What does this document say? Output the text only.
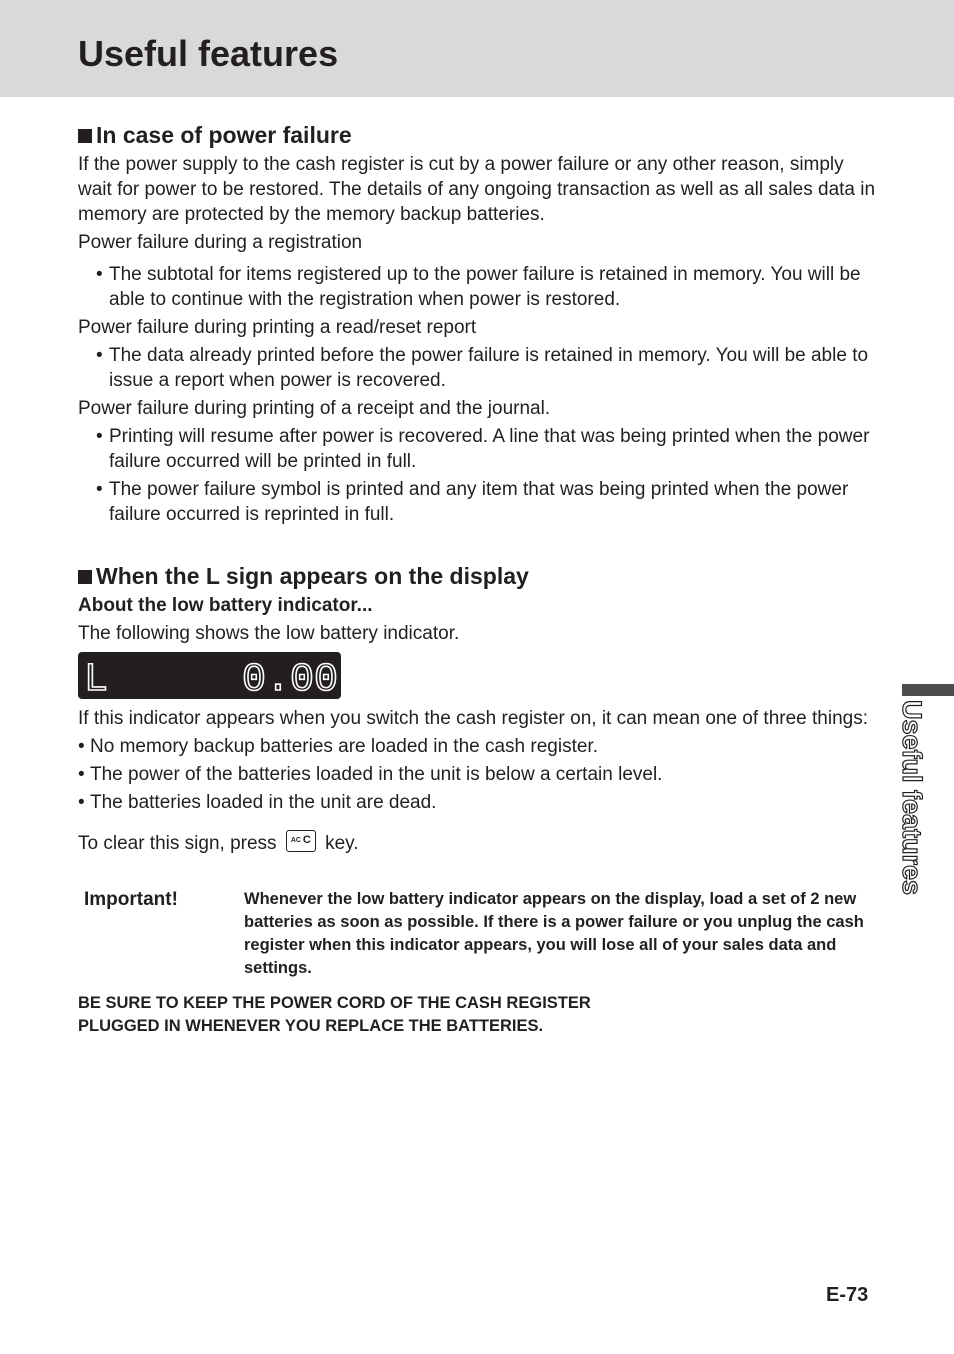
Useful features
In case of power failure

If the power supply to the cash register is cut by a power failure or any other reason, simply wait for power to be restored. The details of any ongoing transaction as well as all sales data in memory are protected by the memory backup batteries.

Power failure during a registration

• The subtotal for items registered up to the power failure is retained in memory. You will be able to continue with the registration when power is restored.

Power failure during printing a read/reset report

• The data already printed before the power failure is retained in memory. You will be able to issue a report when power is recovered.

Power failure during printing of a receipt and the journal.

• Printing will resume after power is recovered. A line that was being printed when the power failure occurred will be printed in full.
• The power failure symbol is printed and any item that was being printed when the power failure occurred is reprinted in full.
When the L sign appears on the display

About the low battery indicator...

The following shows the low battery indicator.

L	0.00

If this indicator appears when you switch the cash register on, it can mean one of three things:

• No memory backup batteries are loaded in the cash register.
• The power of the batteries loaded in the unit is below a certain level.
• The batteries loaded in the unit are dead.

To clear this sign, press AC C key.

Important!	Whenever the low battery indicator appears on the display, load a set of 2 new batteries as soon as possible. If there is a power failure or you unplug the cash register when this indicator appears, you will lose all of your sales data and settings.
BE SURE TO KEEP THE POWER CORD OF THE CASH REGISTER
PLUGGED IN WHENEVER YOU REPLACE THE BATTERIES.
Useful features

E-73
